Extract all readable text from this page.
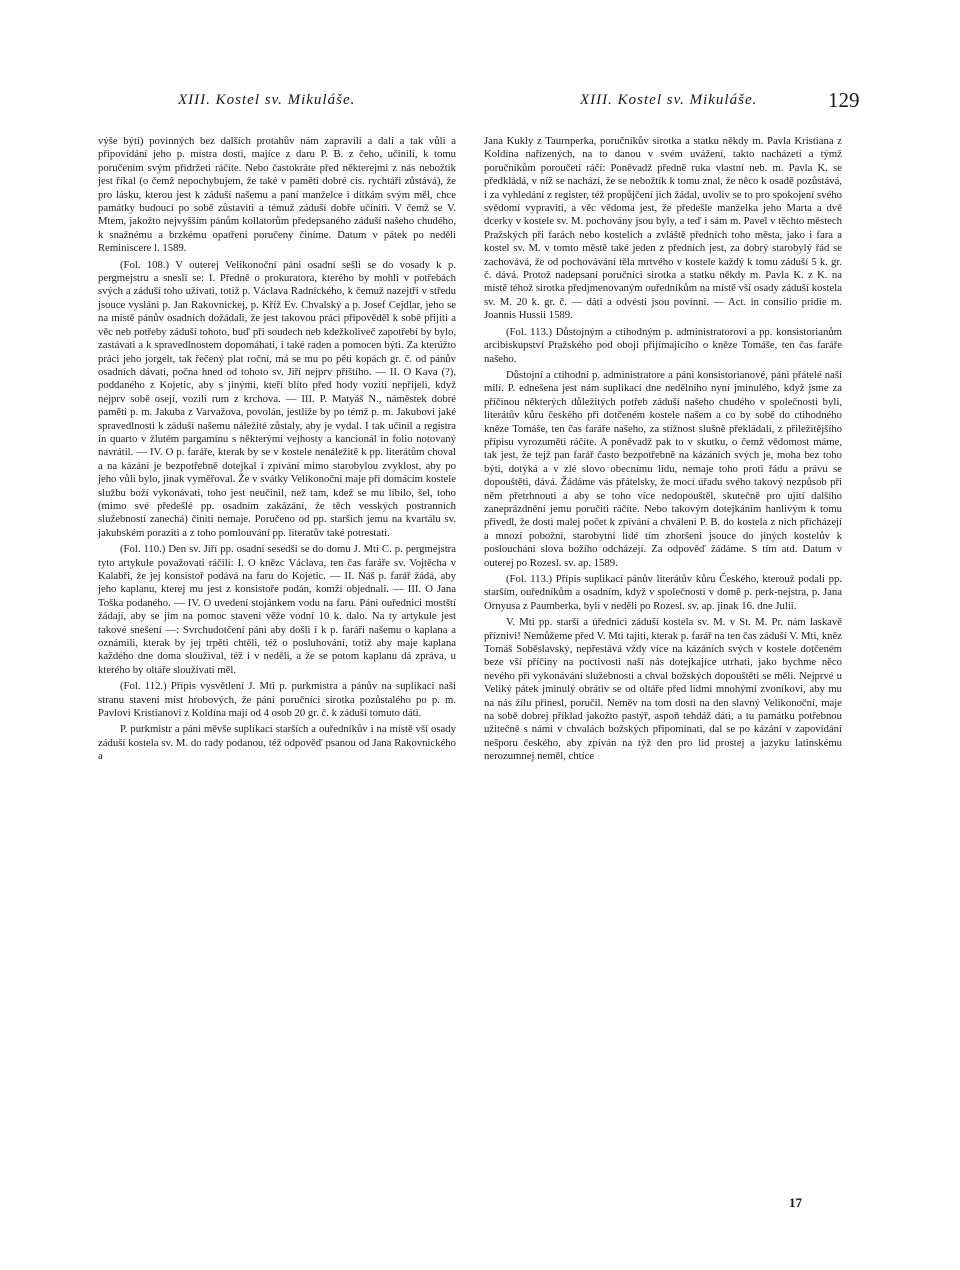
XIII. Kostel sv. Mikuláše.	XIII. Kostel sv. Mikuláše.	129

výše býti) povinných bez dalších protahův nám zapravili a dali a tak vůli a připovídání jeho p. mistra dosti, majíce z daru P. B. z čeho, učinili, k tomu poručením svým přidržeti ráčíte. Nebo častokráte před některejmi z nás nebožtík jest říkal (o čemž nepochybujem, že také v paměti dobré cís. rychtáři zůstává), že pro lásku, kterou jest k záduší našemu a paní manželce i dítkám svým měl, chce památky budoucí po sobě zůstaviti a témuž záduší dobře učiniti. V čemž se V. Mtem, jakožto nejvyšším pánům kollatorům předepsaného záduší našeho chudého, k snažnému a brzkému opatření poručeny činíme. Datum v pátek po neděli Reminiscere l. 1589.

(Fol. 108.) V outerej Velikonoční páni osadní sešli se do vosady k p. pergmejstru a snesli se: I. Předně o prokuratora, kterého by mohli v potřebách svých a záduší toho užívati, totiž p. Václava Radnického, k čemuž nazejtří v středu jsouce vysláni p. Jan Rakovnickej, p. Kříž Ev. Chvalský a p. Josef Cejdlar, jeho se na místě pánův osadních dožádali, že jest takovou práci připověděl k sobě přijíti a věc neb potřeby záduší tohoto, buď při soudech neb kdežkoliveč zapotřebí by bylo, zastávati a k spravedlnostem dopomáhati, i také raden a pomocen býti. Za kterúžto práci jeho jorgelt, tak řečený plat roční, má se mu po pěti kopách gr. č. od pánův osadních dávati, počna hned od tohoto sv. Jiří nejprv příštího. — II. O Kava (?), poddaného z Kojetic, aby s jinými, kteří blíto před hody voziti nepřijeli, když nejprv sobě osejí, vozili rum z krchova. — III. P. Matyáš N., náměstek dobré paměti p. m. Jakuba z Varvažova, povolán, jestliže by po témž p. m. Jakubovi jaké spravedlnosti k záduší našemu náležité zůstaly, aby je vydal. I tak učinil a registra in quarto v žlutém pargamínu s některými vejhosty a kancionál in folio notovaný navrátil. — IV. O p. faráře, kterak by se v kostele nenáležitě k pp. literátům choval a na kázání je bezpotřebně dotejkal i zpívání mimo starobylou zvyklost, aby po jeho vůli bylo, jinak vyměřoval. Že v svátky Velikonoční maje při domácím kostele službu boží vykonávati, toho jest neučinil, než tam, kdež se mu líbilo, šel, toho (mimo své předešlé pp. osadním zakázání, že těch vesských postranních služebností zanechá) činiti nemaje. Poručeno od pp. starších jemu na kvartálu sv. jakubském poraziti a z toho pomlouvání pp. literatův také potrestati.

(Fol. 110.) Den sv. Jiří pp. osadní sesedši se do domu J. Mti C. p. pergmejstra tyto artykule považovati ráčili: I. O knězc Václava, ten čas faráře sv. Vojtěcha v Kalabři, že jej konsistoř podává na faru do Kojetic. — II. Náš p. farář žádá, aby jeho kaplanu, kterej mu jest z konsistoře podán, komží objednali. — III. O Jana Toška podaného. — IV. O uvedení stojánkem vodu na faru. Páni ouřednici mostští žádají, aby se jim na pomoc stavení věže vodní 10 k. dalo. Na ty artykule jest takové snešení —: Svrchudotčení páni aby došli i k p. faráři našemu o kaplana a oznámili, kterak by jej trpěti chtěli, též o posluhování, totiž aby maje kaplana každého dne doma sloužival, též i v neděli, a že se potom kaplanu dá zpráva, u kterého by oltáře sloužívati měl.

(Fol. 112.) Přípis vysvětlení J. Mti p. purkmistra a pánův na suplikaci naši stranu stavení míst hrobových, že páni poručníci sirotka pozůstalého po p. m. Pavlovi Kristianovi z Koldína mají od 4 osob 20 gr. č. k záduší tomuto dáti.

P. purkmistr a páni měvše suplikací starších a ouředníkův i na místě vší osady záduší kostela sv. M. do rady podanou, též odpověď psanou od Jana Rakovnického a

Jana Kukly z Taurnperka, poručníkův sirotka a statku někdy m. Pavla Kristiana z Koldína nařízených, na to danou v svém uvážení, takto nacházeti a týmž poručníkům poroučeti ráčí: Poněvadž předně ruka vlastní neb. m. Pavla K. se předkládá, v níž se nachází, že se nebožtík k tomu znal, že něco k osadě pozůstává, i za vyhledání z register, též propůjčení jich žádal, uvoliv se to pro spokojení svého svědomí vypraviti, a věc vědoma jest, že předešle manželka jeho Marta a dvě dcerky v kostele sv. M. pochovány jsou byly, a teď i sám m. Pavel v těchto městech Pražských při farách nebo kostelích a zvláště předních toho města, jako i fara a kostel sv. M. v tomto městě také jeden z předních jest, za dobrý starobylý řád se zachovává, že od pochovávání těla mrtvého v kostele každý k tomu záduší 5 k. gr. č. dává. Protož nadepsaní poručníci sirotka a statku někdy m. Pavla K. z K. na místě téhož sirotka předjmenovaným ouředníkům na místě vší osady záduší kostela sv. M. 20 k. gr. č. — dáti a odvésti jsou povinni. — Act. in consilio pridie m. Joannis Hussii 1589.

(Fol. 113.) Důstojným a ctihodným p. administratorovi a pp. konsistorianům arcibiskupství Pražského pod obojí přijímajícího o kněze Tomáše, ten čas faráře našeho.

Důstojní a ctihodní p. administratore a páni konsistorianové, páni přátelé naši milí. P. ednešena jest nám suplikací dne nedělního nyní jminulého, když jsme za příčinou některých důležitých potřeb záduší našeho chudého v společnosti byli, literátův kůru českého při dotčeném kostele našem a co by sobě do ctihodného kněze Tomáše, ten čas faráře našeho, za stížnost slušně překládali, z přiležitějšího přípisu vyrozuměti ráčíte. A poněvadž pak to v skutku, o čemž vědomost máme, tak jest, že tejž pan farář často bezpotřebně na kázáních svých je, moha bez toho býti, dotýká a v zlé slovo obecnímu lidu, nemaje toho proti řádu a právu se dopouštěti, dává. Žádáme vás přátelsky, že mocí úřadu svého takový nezpůsob při něm přetrhnouti a aby se toho více nedopouštěl, skutečně pro ujití dalšího zaneprázdnění jemu poručiti ráčíte. Nebo takovým dotejkáním hanlivým k tomu přivedl, že dosti malej počet k zpívání a chválení P. B. do kostela z nich přicházejí a mnozí pobožní, starobytní lidé tím zhoršeni jsouce do jiných kostelův k poslouchání slova božího odcházejí. Za odpověď žádáme. S tím atd. Datum v outerej po Rozesl. sv. ap. 1589.

(Fol. 113.) Přípis suplikací pánův literátův kůru Českého, kterouž podali pp. starším, ouředníkům a osadním, když v společnosti v domě p. perk-nejstra, p. Jana Ornyusa z Paumberka, byli v neděli po Rozesl. sv. ap. jinak 16. dne Julii.

V. Mti pp. starší a úřednici záduší kostela sv. M. v St. M. Pr. nám laskavě příznivi! Nemůžeme před V. Mti tajiti, kterak p. farář na ten čas záduší V. Mti, kněz Tomáš Soběslavský, nepřestává vždy více na kázáních svých v kostele dotčeném beze vší příčiny na poctivosti naší nás dotejkajíce utrhati, jako bychme něco nevého při vykonávání služebnosti a chval božských dopouštěti se měli. Nejprvé u Veliký pátek jminulý obrátiv se od oltáře před lidmi mnohými zvoníkovi, aby mu na nás žílu přinesl, poručil. Neměv na tom dosti na den slavný Velikonoční, maje na sobě dobrej příklad jakožto pastýř, aspoň tehdáž dáti, a tu památku potřebnou užitečně s námi v chvalách božských připomínati, dal se po kázání v zapovídání nešporu českého, aby zpíván na týž den pro lid prostej a jazyku latinskému nerozumnej neměl, chtíce

17
